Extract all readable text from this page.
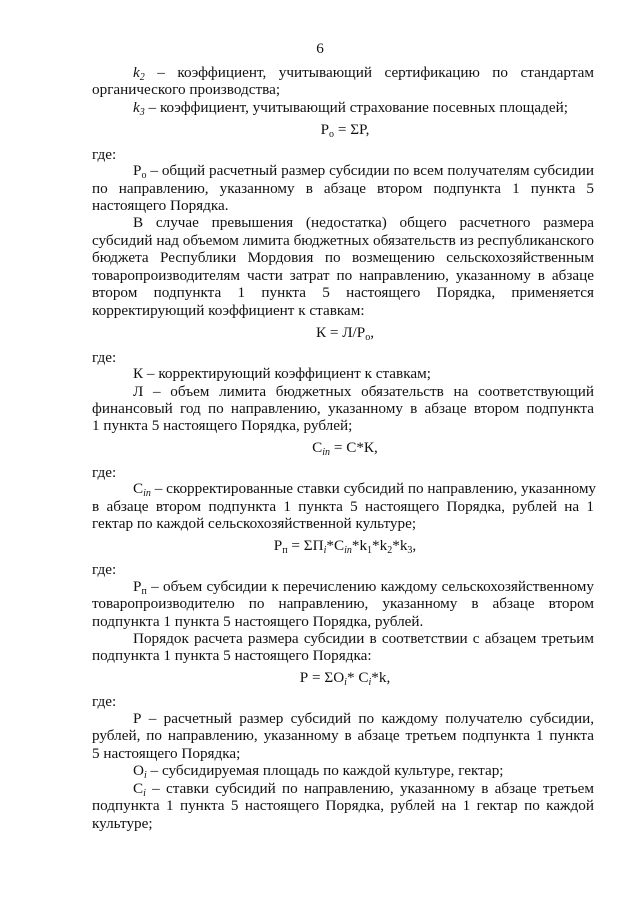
6
$k_2$ – коэффициент, учитывающий сертификацию по стандартам
органического производства;
$k_3$ – коэффициент, учитывающий страхование посевных площадей;
$Р_о = \Sigma Р$,
где:
$Р_о$ – общий расчетный размер субсидии по всем получателям субсидии
по направлению, указанному в абзаце втором подпункта 1 пункта 5
настоящего Порядка.
В случае превышения (недостатка) общего расчетного размера
субсидий над объемом лимита бюджетных обязательств из республиканского
бюджета Республики Мордовия по возмещению сельскохозяйственным
товаропроизводителям части затрат по направлению, указанному в абзаце
втором подпункта 1 пункта 5 настоящего Порядка, применяется
корректирующий коэффициент к ставкам:
$К = Л/Р_о$,
где:
К – корректирующий коэффициент к ставкам;
Л – объем лимита бюджетных обязательств на соответствующий
финансовый год по направлению, указанному в абзаце втором подпункта
1 пункта 5 настоящего Порядка, рублей;
$С_{in} = С*К$,
где:
$С_{in}$ – скорректированные ставки субсидий по направлению, указанному
в абзаце втором подпункта 1 пункта 5 настоящего Порядка, рублей на 1
гектар по каждой сельскохозяйственной культуре;
$Р_п = \Sigma П_i*С_{in}*k_1*k_2*k_3$,
где:
$Р_п$ – объем субсидии к перечислению каждому сельскохозяйственному
товаропроизводителю по направлению, указанному в абзаце втором
подпункта 1 пункта 5 настоящего Порядка, рублей.
Порядок расчета размера субсидии в соответствии с абзацем третьим
подпункта 1 пункта 5 настоящего Порядка:
$Р = \Sigma О_i*$ $С_i*k$,
где:
Р – расчетный размер субсидий по каждому получателю субсидии,
рублей, по направлению, указанному в абзаце третьем подпункта 1 пункта
5 настоящего Порядка;
$О_i$ – субсидируемая площадь по каждой культуре, гектар;
$С_i$ – ставки субсидий по направлению, указанному в абзаце третьем
подпункта 1 пункта 5 настоящего Порядка, рублей на 1 гектар по каждой
культуре;
